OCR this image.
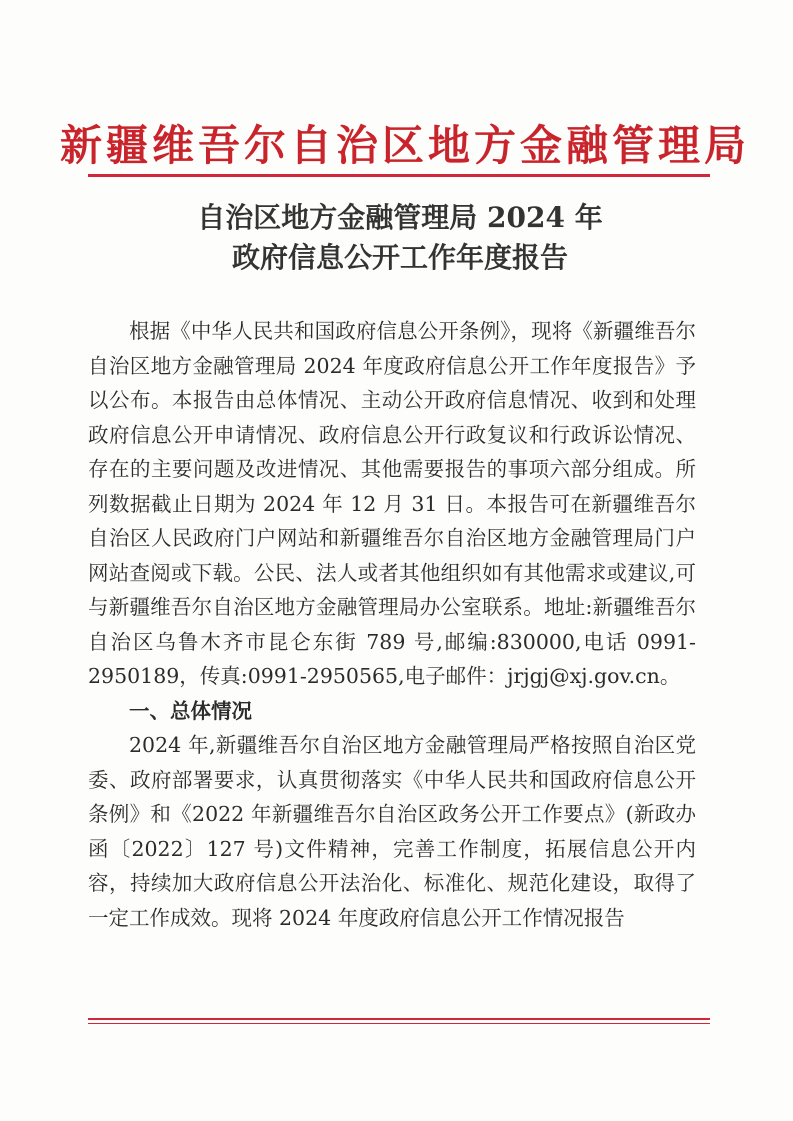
新疆维吾尔自治区地方金融管理局
自治区地方金融管理局 2024 年
政府信息公开工作年度报告

根据《中华人民共和国政府信息公开条例》，现将《新疆维吾尔自治区地方金融管理局 2024 年度政府信息公开工作年度报告》予以公布。本报告由总体情况、主动公开政府信息情况、收到和处理政府信息公开申请情况、政府信息公开行政复议和行政诉讼情况、存在的主要问题及改进情况、其他需要报告的事项六部分组成。所列数据截止日期为 2024 年 12 月 31 日。本报告可在新疆维吾尔自治区人民政府门户网站和新疆维吾尔自治区地方金融管理局门户网站查阅或下载。公民、法人或者其他组织如有其他需求或建议,可与新疆维吾尔自治区地方金融管理局办公室联系。地址:新疆维吾尔自治区乌鲁木齐市昆仑东街 789 号,邮编:830000,电话 0991-2950189，传真:0991-2950565,电子邮件：jrjgj@xj.gov.cn。

一、总体情况

2024 年,新疆维吾尔自治区地方金融管理局严格按照自治区党委、政府部署要求，认真贯彻落实《中华人民共和国政府信息公开条例》和《2022 年新疆维吾尔自治区政务公开工作要点》(新政办函〔2022〕127 号)文件精神，完善工作制度，拓展信息公开内容，持续加大政府信息公开法治化、标准化、规范化建设，取得了一定工作成效。现将 2024 年度政府信息公开工作情况报告
